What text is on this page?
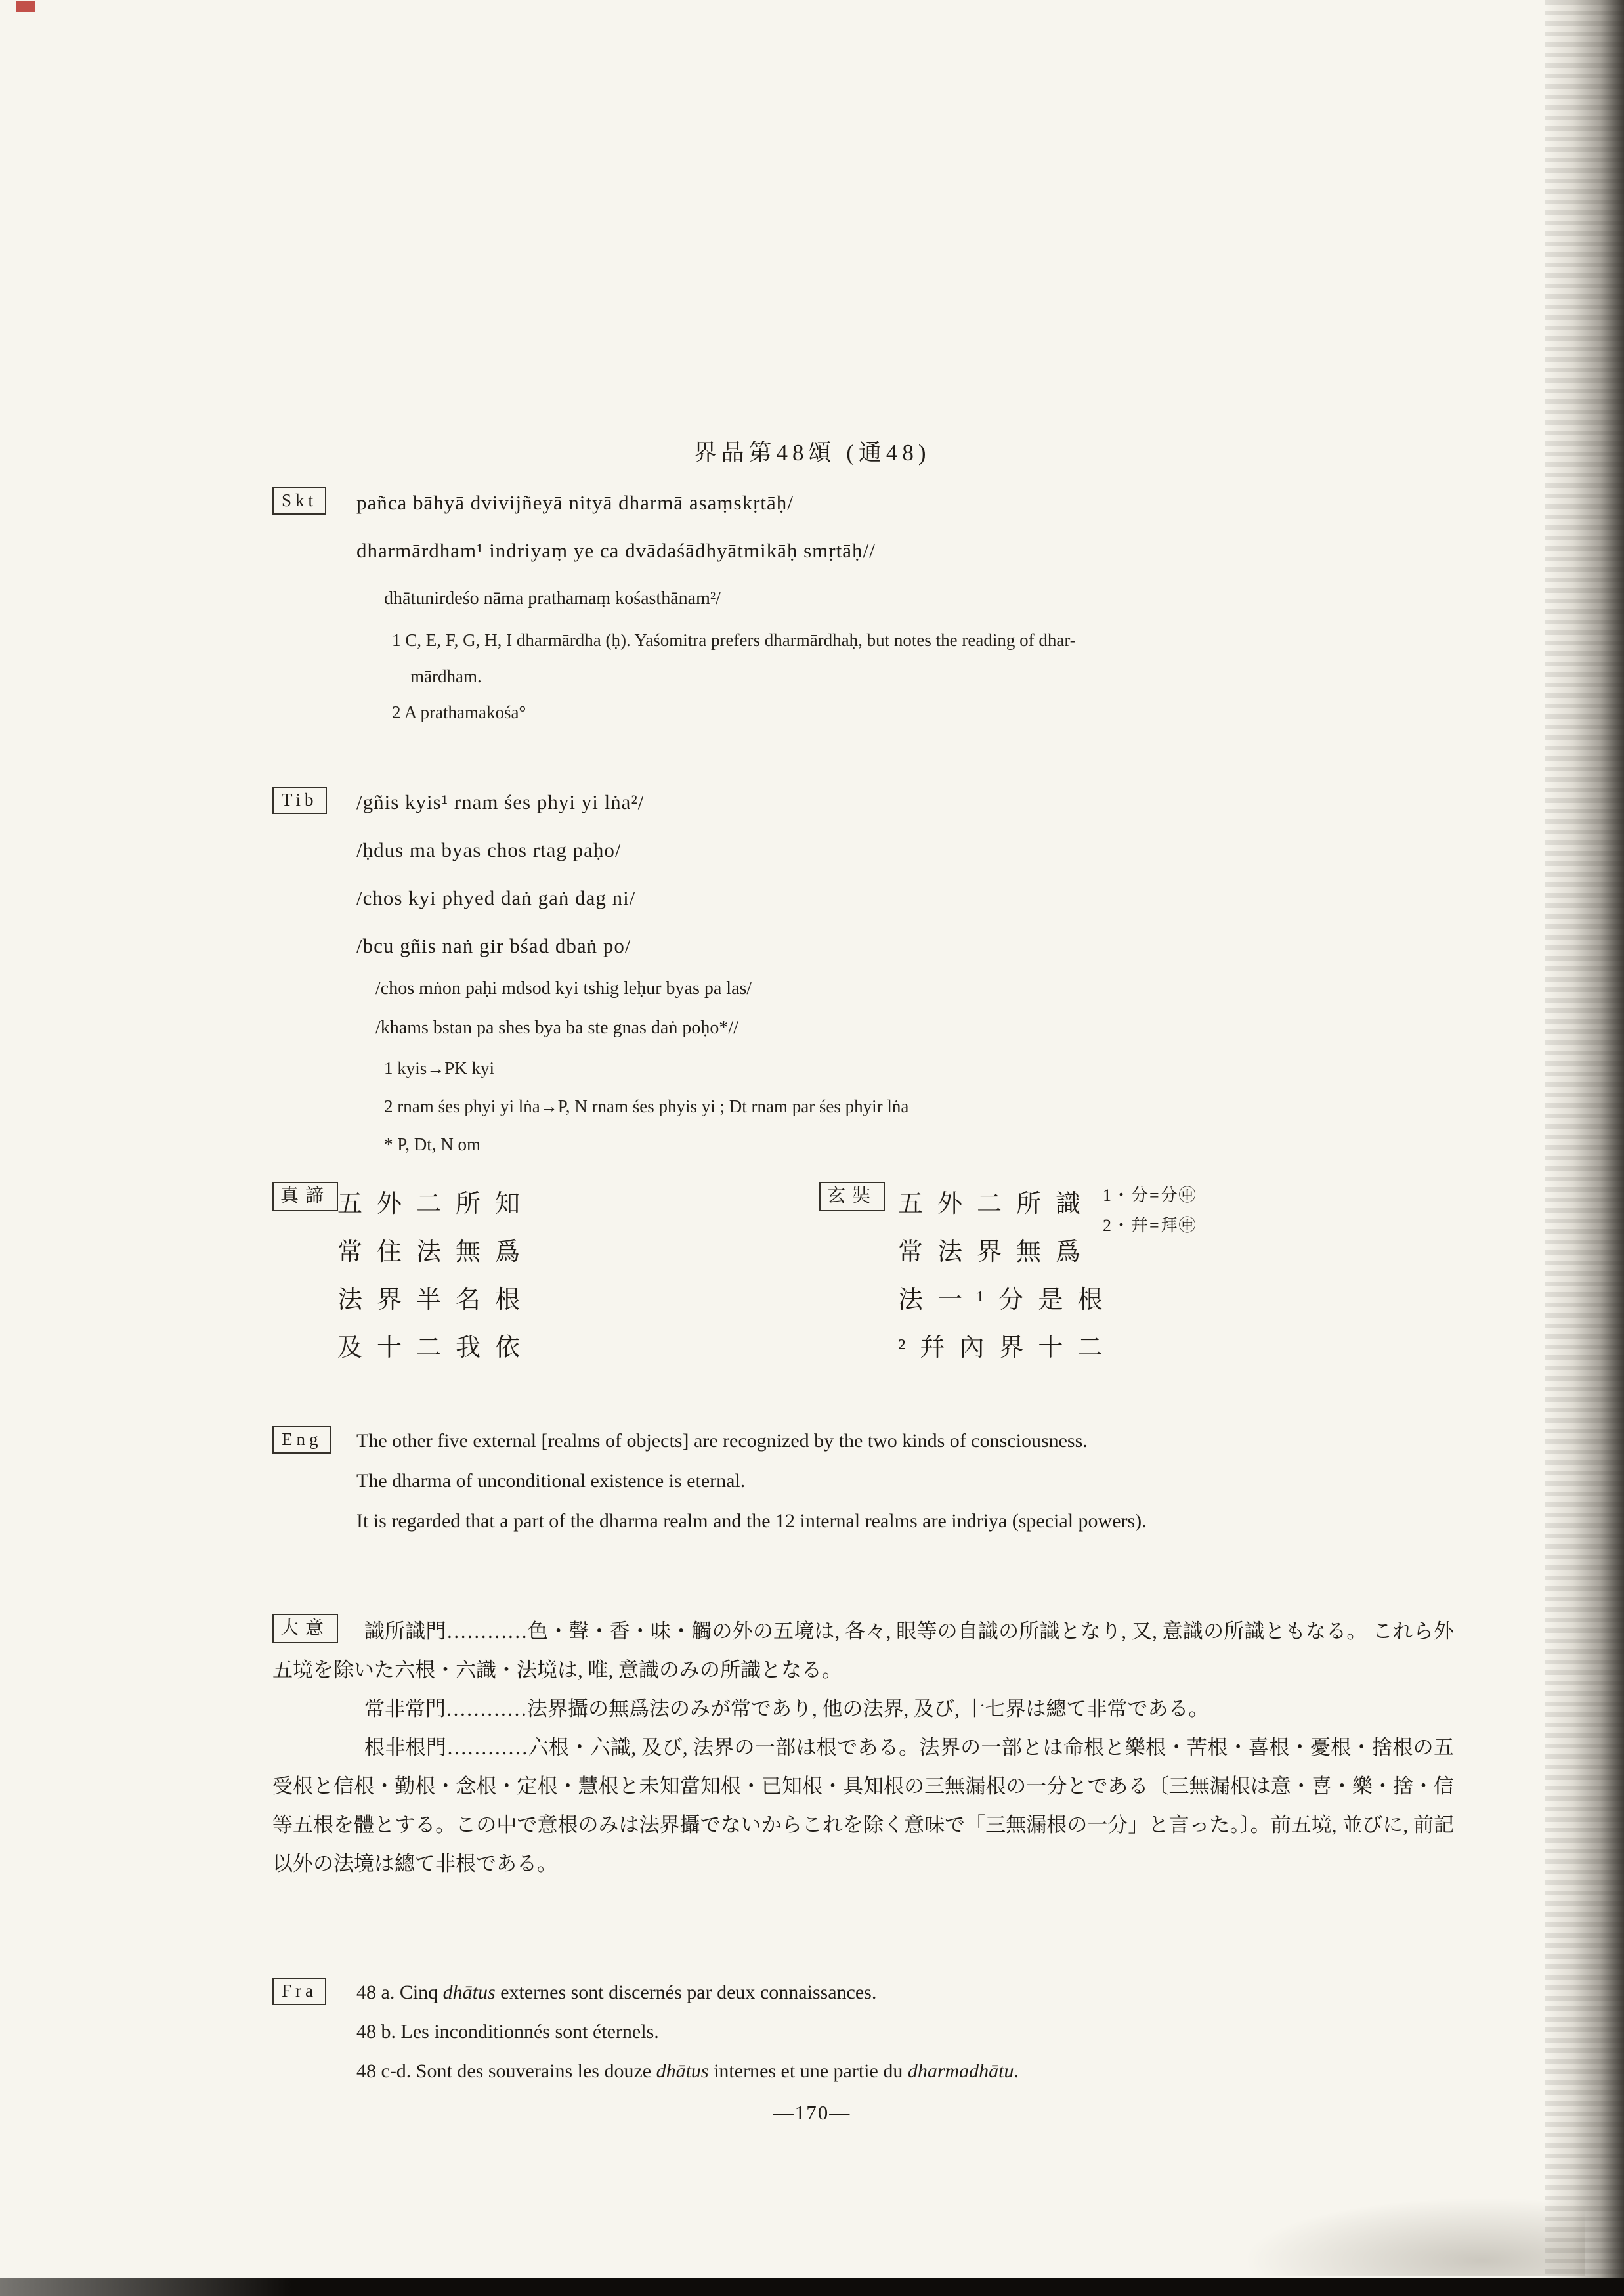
界品第48頌 (通48)
Skt	pañca bāhyā dvivijñeyā nityā dharmā asaṃskṛtāḥ/
dharmārdham¹ indriyaṃ ye ca dvādaśādhyātmikāḥ smṛtāḥ//
dhātunirdeśo nāma prathamaṃ kośasthānam²/
1 C, E, F, G, H, I dharmārdha (ḥ). Yaśomitra prefers dharmārdhaḥ, but notes the reading of dhar-
mārdham.
2 A prathamakośa°
Tib	/gñis kyis¹ rnam śes phyi yi lṅa²/
/ḥdus ma byas chos rtag paḥo/
/chos kyi phyed daṅ gaṅ dag ni/
/bcu gñis naṅ gir bśad dbaṅ po/
/chos mṅon paḥi mdsod kyi tshig leḥur byas pa las/
/khams bstan pa shes bya ba ste gnas daṅ poḥo*//
1 kyis→PK kyi
2 rnam śes phyi yi lṅa→P, N rnam śes phyis yi ; Dt rnam par śes phyir lṅa
* P, Dt, N om
真諦 五外二所知
常住法無爲
法界半名根
及十二我依
玄奘 五外二所識
常法界無爲
法一¹分是根
²幷內界十二
1・分=分㊥
2・幷=拜㊥
Eng	The other five external [realms of objects] are recognized by the two kinds of consciousness.
The dharma of unconditional existence is eternal.
It is regarded that a part of the dharma realm and the 12 internal realms are indriya (special powers).
大意	識所識門…………色・聲・香・味・觸の外の五境は, 各々, 眼等の自識の所識となり, 又, 意識の所識ともなる。 これら外五境を除いた六根・六識・法境は, 唯, 意識のみの所識となる。

常非常門…………法界攝の無爲法のみが常であり, 他の法界, 及び, 十七界は總て非常である。

根非根門…………六根・六識, 及び, 法界の一部は根である。法界の一部とは命根と樂根・苦根・喜根・憂根・捨根の五受根と信根・勤根・念根・定根・慧根と未知當知根・已知根・具知根の三無漏根の一分とである〔三無漏根は意・喜・樂・捨・信等五根を體とする。この中で意根のみは法界攝でないからこれを除く意味で「三無漏根の一分」と言った。〕。前五境, 並びに, 前記以外の法境は總て非根である。

Fra	48 a. Cinq dhātus externes sont discernés par deux connaissances.
48 b. Les inconditionnés sont éternels.
48 c-d. Sont des souverains les douze dhātus internes et une partie du dharmadhātu.
—170—
